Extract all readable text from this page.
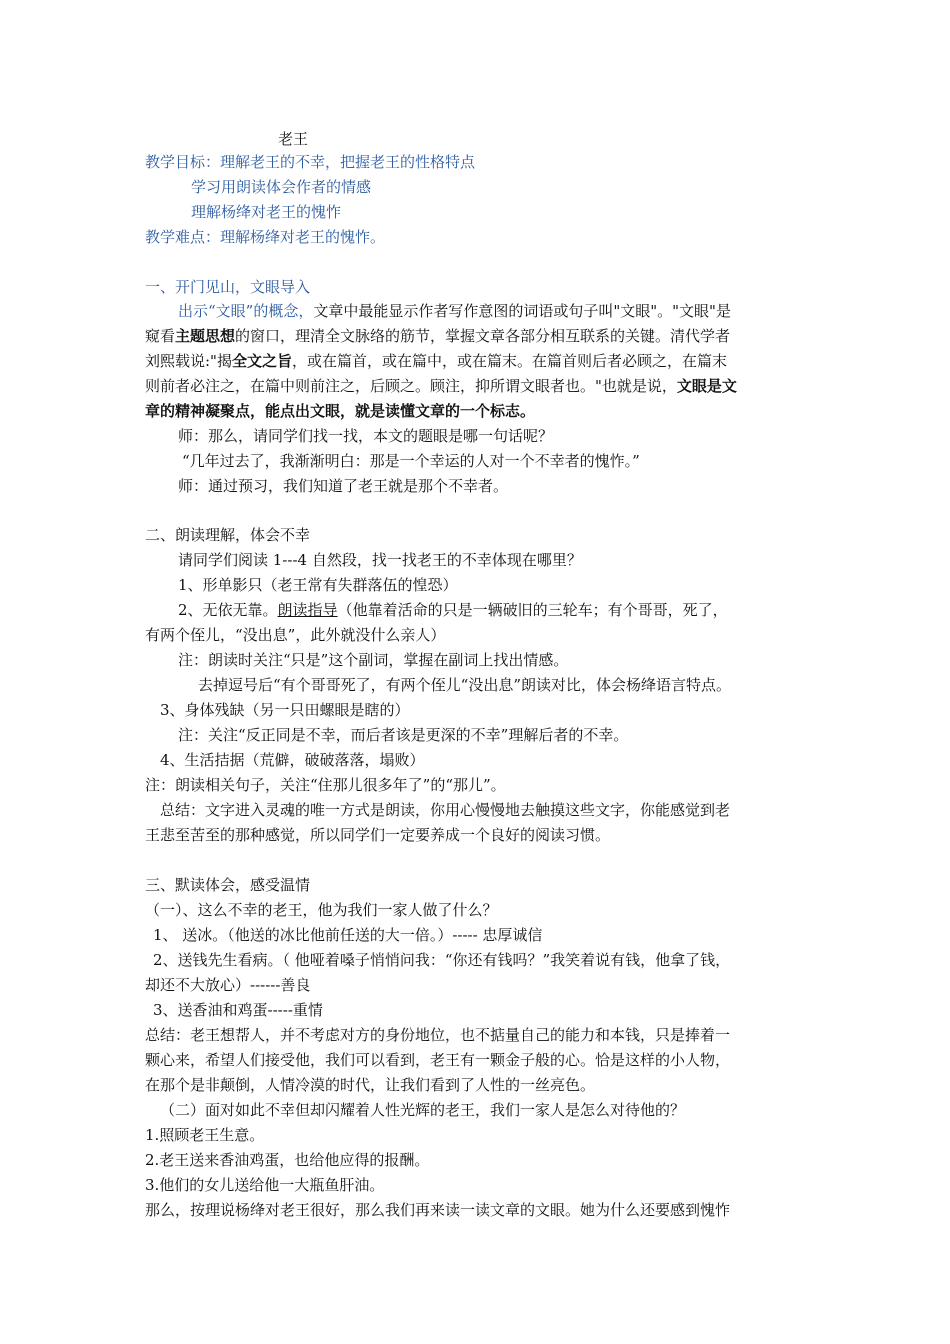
老王
教学目标：理解老王的不幸，把握老王的性格特点
学习用朗读体会作者的情感
理解杨绛对老王的愧怍
教学难点：理解杨绛对老王的愧怍。
一、开门见山，文眼导入
出示“文眼”的概念，文章中最能显示作者写作意图的词语或句子叫"文眼"。"文眼"是
窥看主题思想的窗口，理清全文脉络的筋节，掌握文章各部分相互联系的关键。清代学者
刘熙载说:"揭全文之旨，或在篇首，或在篇中，或在篇末。在篇首则后者必顾之，在篇末
则前者必注之，在篇中则前注之，后顾之。顾注，抑所谓文眼者也。"也就是说，文眼是文
章的精神凝聚点，能点出文眼，就是读懂文章的一个标志。
师：那么，请同学们找一找，本文的题眼是哪一句话呢？
“几年过去了，我渐渐明白：那是一个幸运的人对一个不幸者的愧怍。”
师：通过预习，我们知道了老王就是那个不幸者。
二、朗读理解，体会不幸
请同学们阅读 1---4 自然段，找一找老王的不幸体现在哪里？
1、形单影只（老王常有失群落伍的惶恐）
2、无依无靠。朗读指导（他靠着活命的只是一辆破旧的三轮车；有个哥哥，死了，
有两个侄儿，“没出息”，此外就没什么亲人）
注：朗读时关注“只是”这个副词，掌握在副词上找出情感。
去掉逗号后“有个哥哥死了，有两个侄儿“没出息”朗读对比，体会杨绛语言特点。
3、身体残缺（另一只田螺眼是瞎的）
注：关注“反正同是不幸，而后者该是更深的不幸”理解后者的不幸。
4、生活拮据（荒僻，破破落落，塌败）
注：朗读相关句子，关注“住那儿很多年了”的“那儿”。
总结：文字进入灵魂的唯一方式是朗读，你用心慢慢地去触摸这些文字，你能感觉到老
王悲至苦至的那种感觉，所以同学们一定要养成一个良好的阅读习惯。
三、默读体会，感受温情
（一）、这么不幸的老王，他为我们一家人做了什么？
1、 送冰。（他送的冰比他前任送的大一倍。）----- 忠厚诚信
2、送钱先生看病。（ 他哑着嗓子悄悄问我：“你还有钱吗？”我笑着说有钱，他拿了钱，
却还不大放心）------善良
3、送香油和鸡蛋-----重情
总结：老王想帮人，并不考虑对方的身份地位，也不掂量自己的能力和本钱，只是捧着一
颗心来，希望人们接受他，我们可以看到，老王有一颗金子般的心。恰是这样的小人物，
在那个是非颠倒，人情冷漠的时代，让我们看到了人性的一丝亮色。
（二）面对如此不幸但却闪耀着人性光辉的老王，我们一家人是怎么对待他的？
1.照顾老王生意。
2.老王送来香油鸡蛋，也给他应得的报酬。
3.他们的女儿送给他一大瓶鱼肝油。
那么，按理说杨绛对老王很好，那么我们再来读一读文章的文眼。她为什么还要感到愧怍
